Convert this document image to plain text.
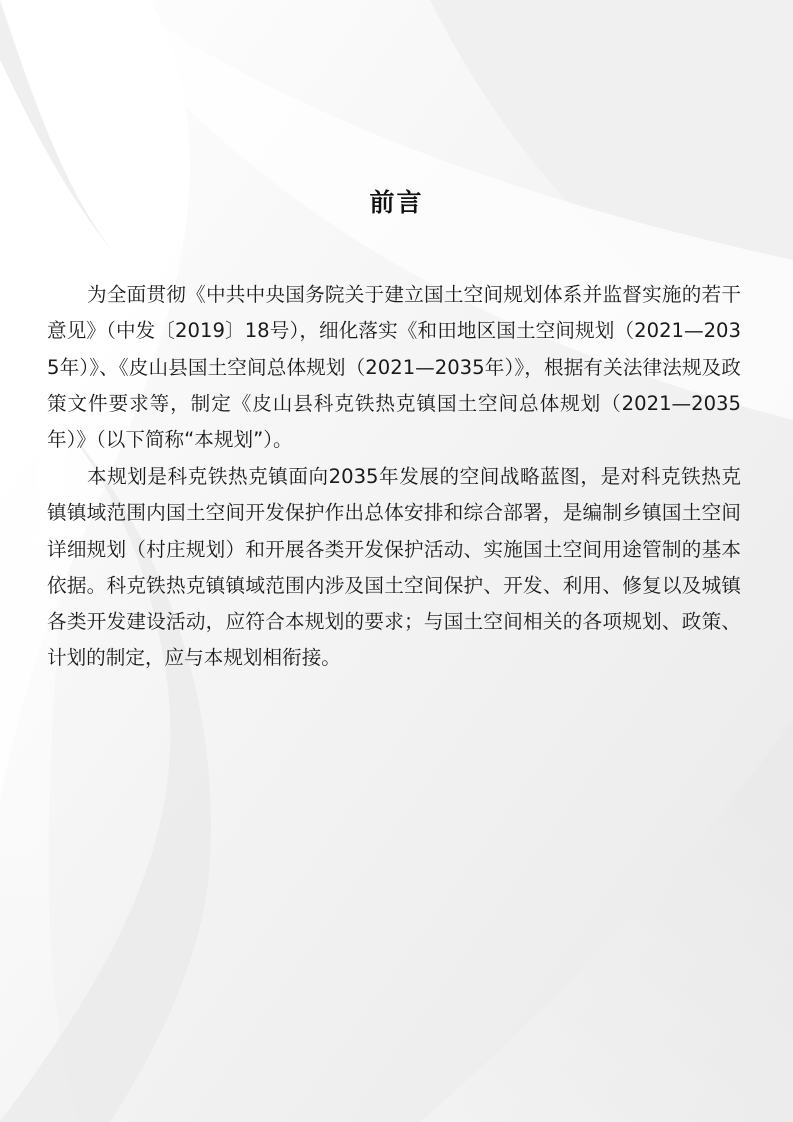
前言

为全面贯彻《中共中央国务院关于建立国土空间规划体系并监督实施的若干意见》（中发〔2019〕18号），细化落实《和田地区国土空间规划（2021—2035年）》、《皮山县国土空间总体规划（2021—2035年）》，根据有关法律法规及政策文件要求等，制定《皮山县科克铁热克镇国土空间总体规划（2021—2035年）》（以下简称“本规划”）。

本规划是科克铁热克镇面向2035年发展的空间战略蓝图，是对科克铁热克镇镇域范围内国土空间开发保护作出总体安排和综合部署，是编制乡镇国土空间详细规划（村庄规划）和开展各类开发保护活动、实施国土空间用途管制的基本依据。科克铁热克镇镇域范围内涉及国土空间保护、开发、利用、修复以及城镇各类开发建设活动，应符合本规划的要求；与国土空间相关的各项规划、政策、计划的制定，应与本规划相衔接。
